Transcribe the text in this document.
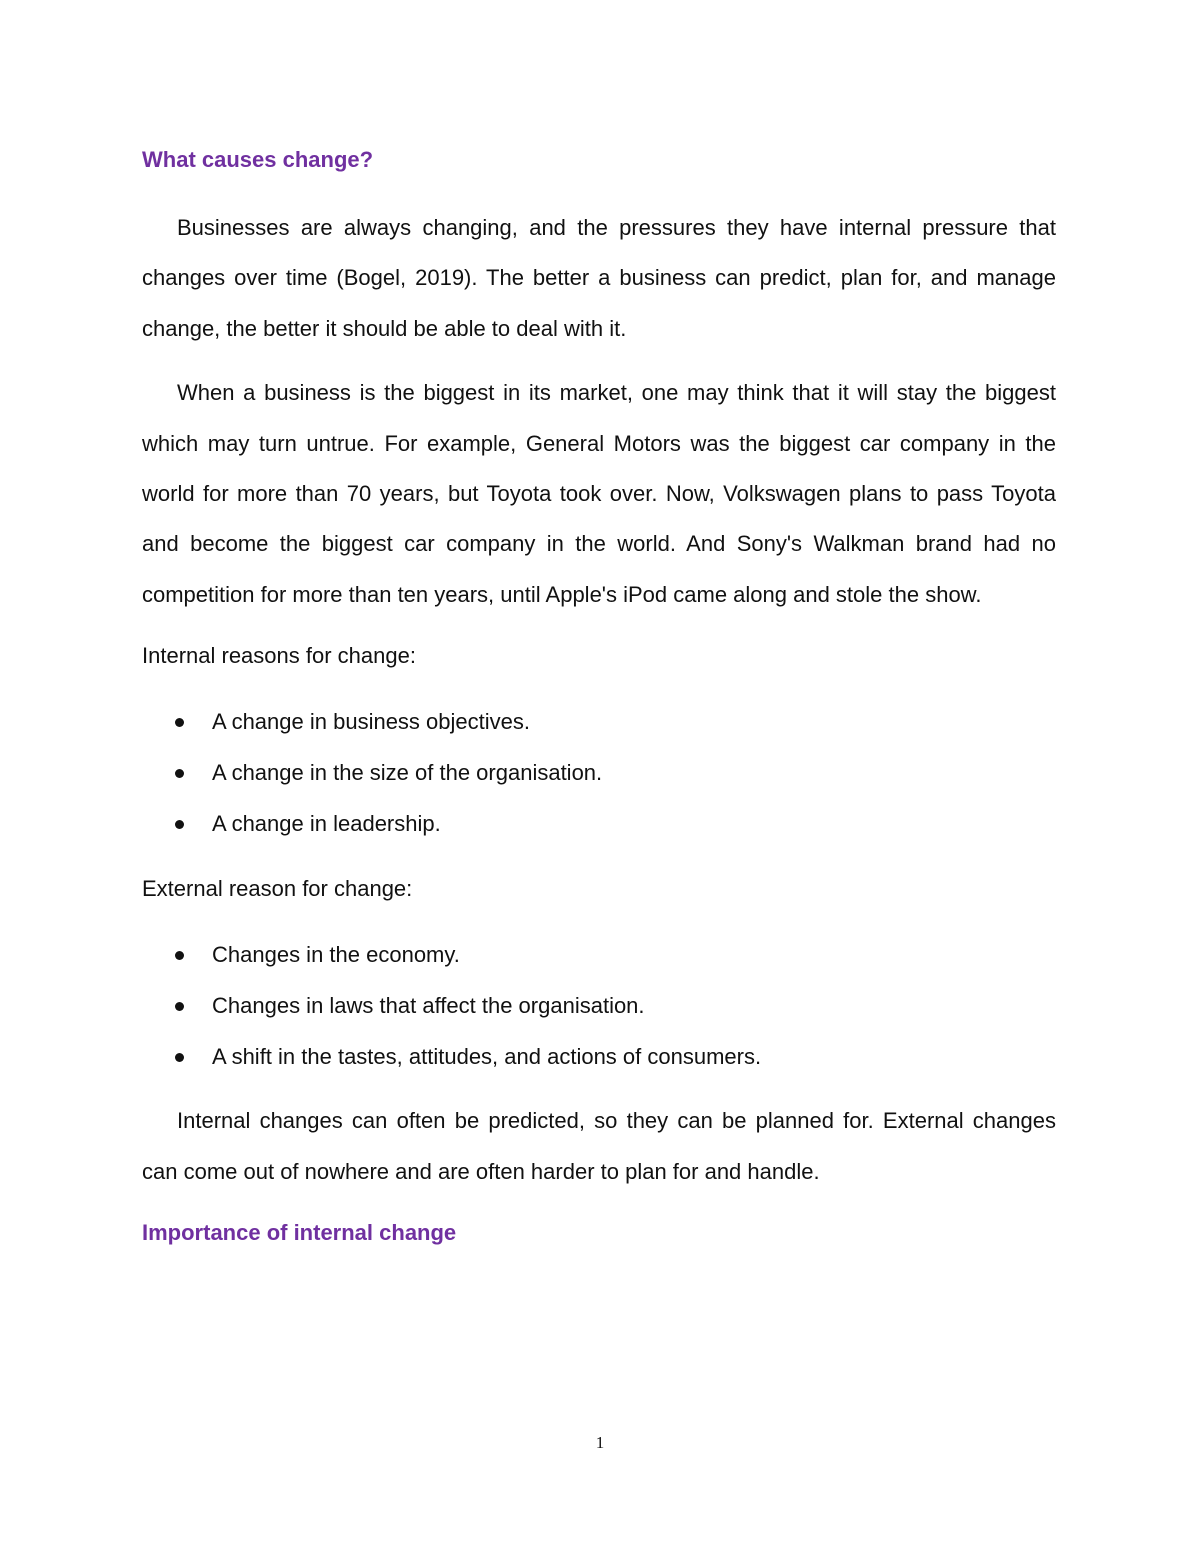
What causes change?

Businesses are always changing, and the pressures they have internal pressure that changes over time (Bogel, 2019). The better a business can predict, plan for, and manage change, the better it should be able to deal with it.

When a business is the biggest in its market, one may think that it will stay the biggest which may turn untrue. For example, General Motors was the biggest car company in the world for more than 70 years, but Toyota took over. Now, Volkswagen plans to pass Toyota and become the biggest car company in the world. And Sony's Walkman brand had no competition for more than ten years, until Apple's iPod came along and stole the show.

Internal reasons for change:

A change in business objectives.
A change in the size of the organisation.
A change in leadership.

External reason for change:

Changes in the economy.
Changes in laws that affect the organisation.
A shift in the tastes, attitudes, and actions of consumers.

Internal changes can often be predicted, so they can be planned for. External changes can come out of nowhere and are often harder to plan for and handle.

Importance of internal change
1
